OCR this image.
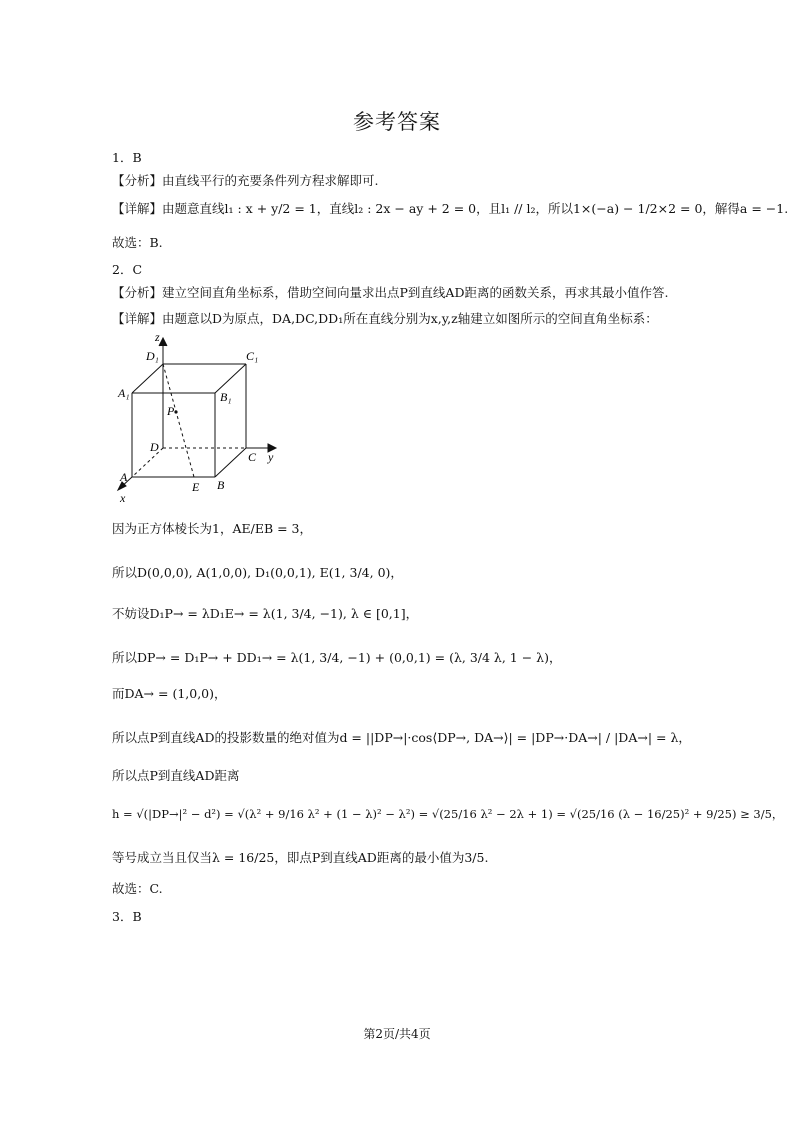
参考答案
1．B
【分析】由直线平行的充要条件列方程求解即可.
【详解】由题意直线l₁ : x + y/2 = 1，直线l₂ : 2x − ay + 2 = 0，且l₁ // l₂，所以1×(−a) − 1/2×2 = 0，解得a = −1.
故选：B.
2．C
【分析】建立空间直角坐标系，借助空间向量求出点P到直线AD距离的函数关系，再求其最小值作答.
【详解】由题意以D为原点，DA,DC,DD₁所在直线分别为x,y,z轴建立如图所示的空间直角坐标系：
z
D₁	C₁
A₁	B₁
P
D
C y
A
E B
x
因为正方体棱长为1，AE/EB = 3，
所以D(0,0,0), A(1,0,0), D₁(0,0,1), E(1, 3/4, 0)，
不妨设D₁P→ = λD₁E→ = λ(1, 3/4, −1), λ ∈ [0,1]，
所以DP→ = D₁P→ + DD₁→ = λ(1, 3/4, −1) + (0,0,1) = (λ, 3/4 λ, 1 − λ)，
而DA→ = (1,0,0)，
所以点P到直线AD的投影数量的绝对值为d = ||DP→|·cos⟨DP→, DA→⟩| = |DP→·DA→| / |DA→| = λ，
所以点P到直线AD距离
h = √(|DP→|² − d²) = √(λ² + 9/16 λ² + (1 − λ)² − λ²) = √(25/16 λ² − 2λ + 1) = √(25/16 (λ − 16/25)² + 9/25) ≥ 3/5，
等号成立当且仅当λ = 16/25，即点P到直线AD距离的最小值为3/5.
故选：C.
3．B
第2页/共4页
